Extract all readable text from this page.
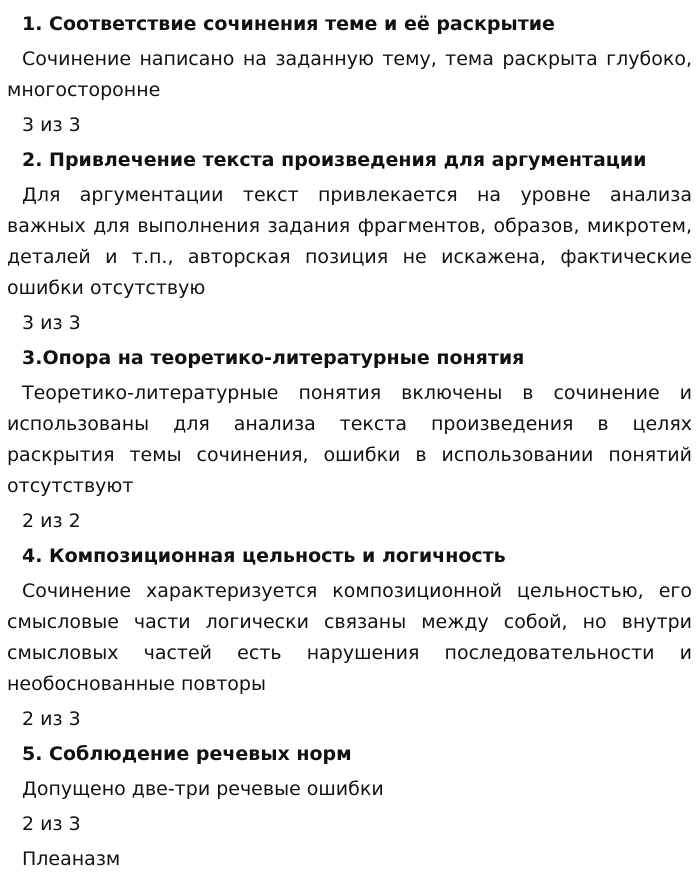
1. Соответствие сочинения теме и её раскрытие

Сочинение написано на заданную тему, тема раскрыта глубоко, многосторонне

3 из 3

2. Привлечение текста произведения для аргументации

Для аргументации текст привлекается на уровне анализа важных для выполнения задания фрагментов, образов, микротем, деталей и т.п., авторская позиция не искажена, фактические ошибки отсутствую

3 из 3

3.Опора на теоретико-литературные понятия

Теоретико-литературные понятия включены в сочинение и использованы для анализа текста произведения в целях раскрытия темы сочинения, ошибки в использовании понятий отсутствуют

2 из 2

4. Композиционная цельность и логичность

Сочинение характеризуется композиционной цельностью, его смысловые части логически связаны между собой, но внутри смысловых частей есть нарушения последовательности и необоснованные повторы

2 из 3

5. Соблюдение речевых норм

Допущено две-три речевые ошибки

2 из 3

Плеаназм
